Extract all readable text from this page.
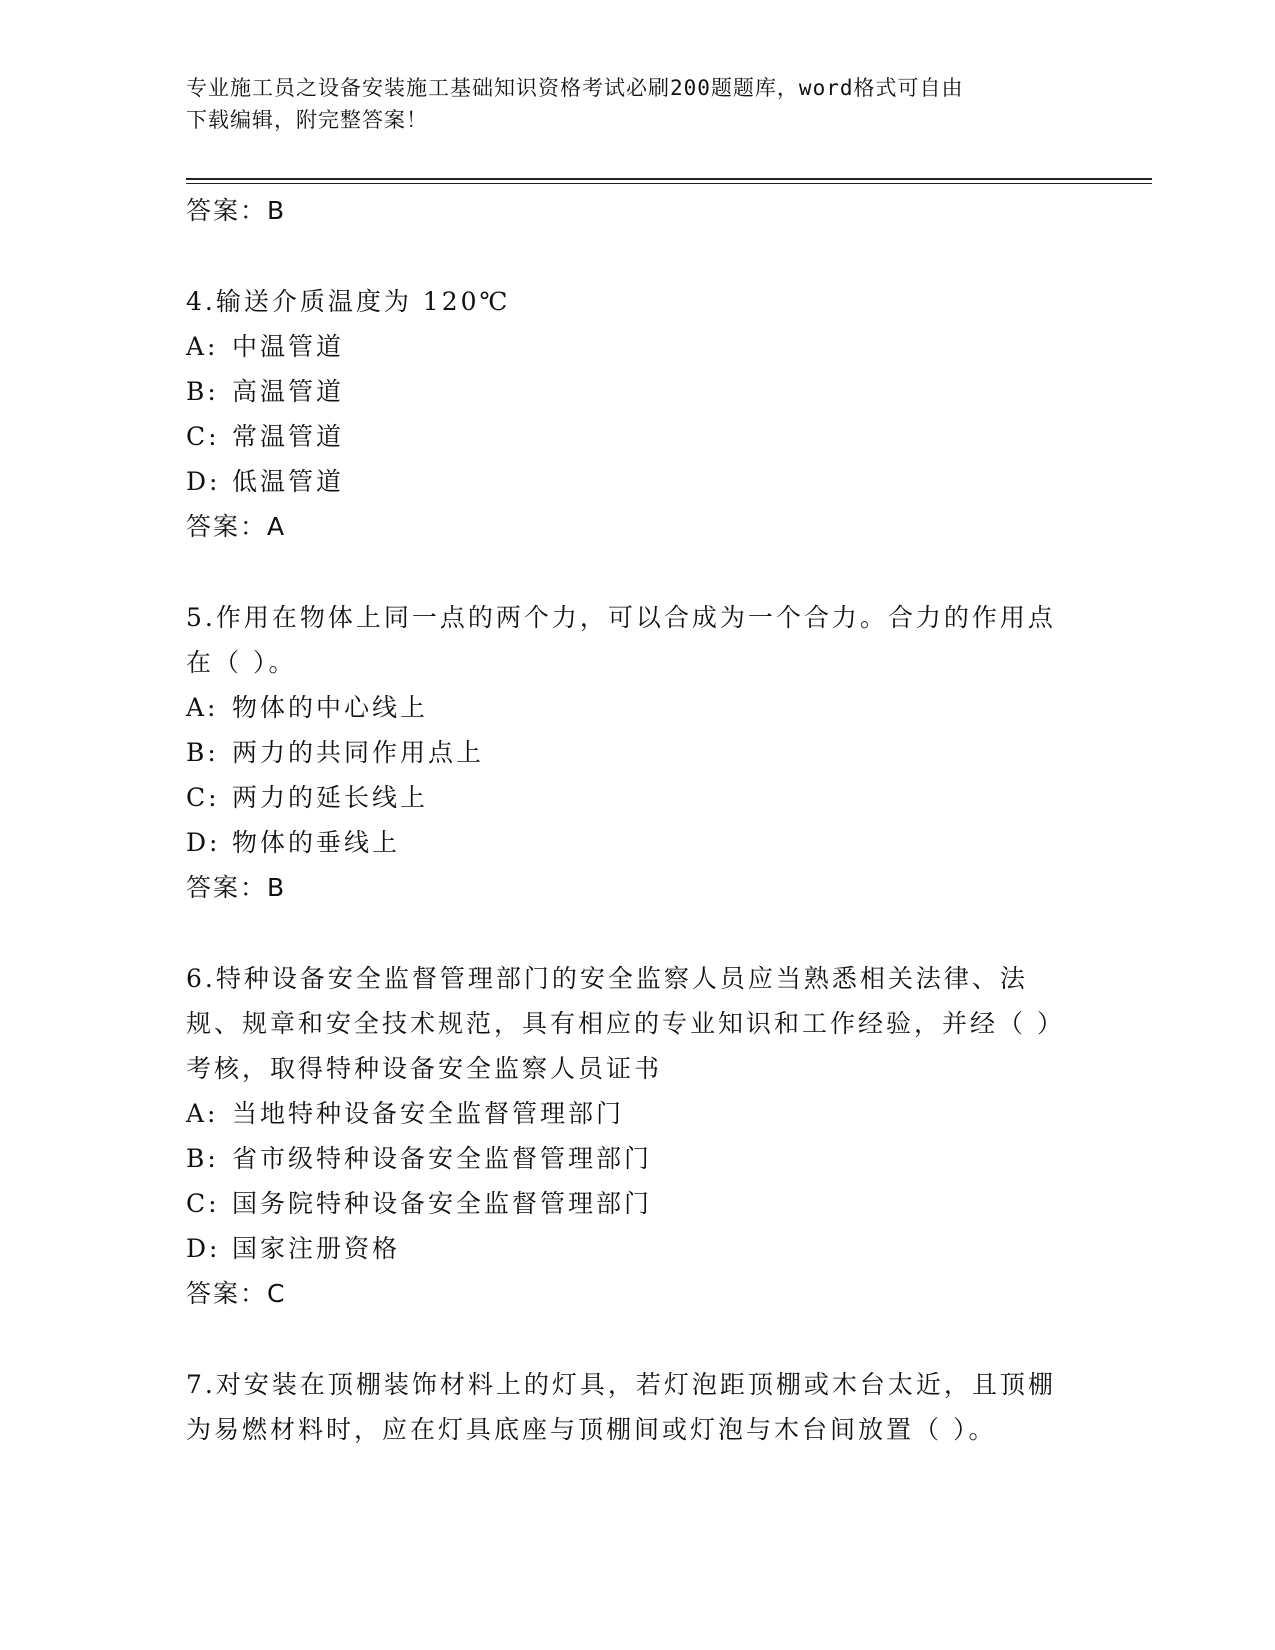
专业施工员之设备安装施工基础知识资格考试必刷200题题库，word格式可自由
下载编辑，附完整答案！
答案：B
4.输送介质温度为 120℃
A: 中温管道
B: 高温管道
C: 常温管道
D: 低温管道
答案：A
5.作用在物体上同一点的两个力，可以合成为一个合力。合力的作用点在（ ）。
A: 物体的中心线上
B: 两力的共同作用点上
C: 两力的延长线上
D: 物体的垂线上
答案：B
6.特种设备安全监督管理部门的安全监察人员应当熟悉相关法律、法规、规章和安全技术规范，具有相应的专业知识和工作经验，并经（ ）考核，取得特种设备安全监察人员证书
A: 当地特种设备安全监督管理部门
B: 省市级特种设备安全监督管理部门
C: 国务院特种设备安全监督管理部门
D: 国家注册资格
答案：C
7.对安装在顶棚装饰材料上的灯具，若灯泡距顶棚或木台太近，且顶棚为易燃材料时，应在灯具底座与顶棚间或灯泡与木台间放置（ ）。
